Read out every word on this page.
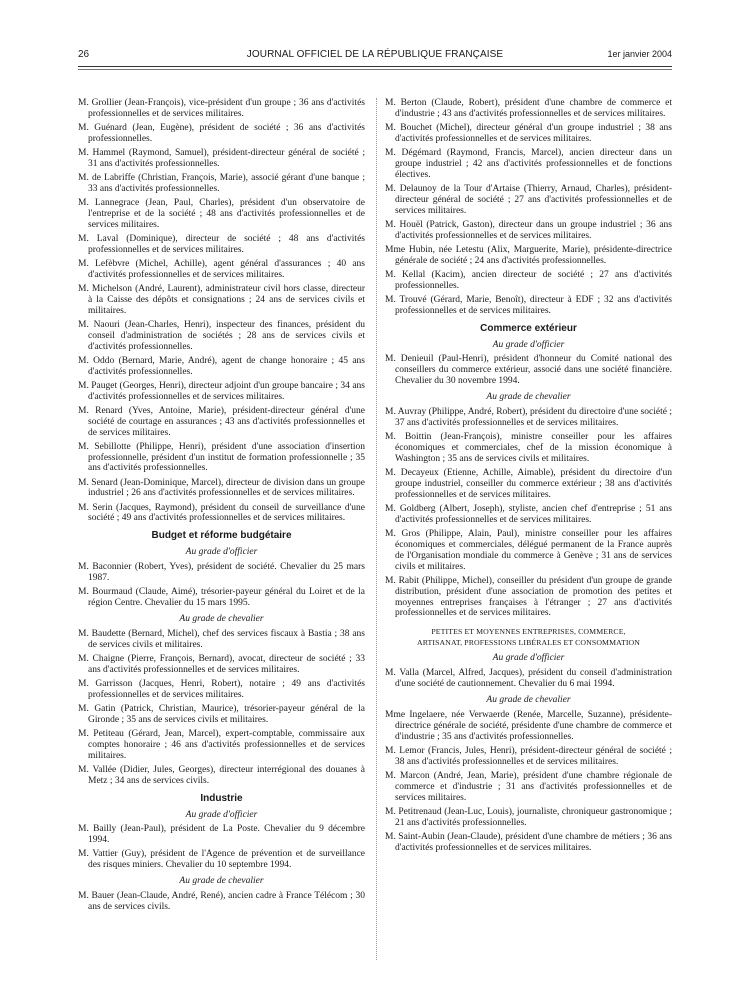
26	JOURNAL OFFICIEL DE LA RÉPUBLIQUE FRANÇAISE	1er janvier 2004

M. Grollier (Jean-François), vice-président d'un groupe ; 36 ans d'activités professionnelles et de services militaires.

M. Guénard (Jean, Eugène), président de société ; 36 ans d'activités professionnelles.

M. Hammel (Raymond, Samuel), président-directeur général de société ; 31 ans d'activités professionnelles.

M. de Labriffe (Christian, François, Marie), associé gérant d'une banque ; 33 ans d'activités professionnelles.

M. Lannegrace (Jean, Paul, Charles), président d'un observatoire de l'entreprise et de la société ; 48 ans d'activités professionnelles et de services militaires.

M. Laval (Dominique), directeur de société ; 48 ans d'activités professionnelles et de services militaires.

M. Lefèbvre (Michel, Achille), agent général d'assurances ; 40 ans d'activités professionnelles et de services militaires.

M. Michelson (André, Laurent), administrateur civil hors classe, directeur à la Caisse des dépôts et consignations ; 24 ans de services civils et militaires.

M. Naouri (Jean-Charles, Henri), inspecteur des finances, président du conseil d'administration de sociétés ; 28 ans de services civils et d'activités professionnelles.

M. Oddo (Bernard, Marie, André), agent de change honoraire ; 45 ans d'activités professionnelles.

M. Pauget (Georges, Henri), directeur adjoint d'un groupe bancaire ; 34 ans d'activités professionnelles et de services militaires.

M. Renard (Yves, Antoine, Marie), président-directeur général d'une société de courtage en assurances ; 43 ans d'activités professionnelles et de services militaires.

M. Sebillotte (Philippe, Henri), président d'une association d'insertion professionnelle, président d'un institut de formation professionnelle ; 35 ans d'activités professionnelles.

M. Senard (Jean-Dominique, Marcel), directeur de division dans un groupe industriel ; 26 ans d'activités professionnelles et de services militaires.

M. Serin (Jacques, Raymond), président du conseil de surveillance d'une société ; 49 ans d'activités professionnelles et de services militaires.

Budget et réforme budgétaire
Au grade d'officier

M. Baconnier (Robert, Yves), président de société. Chevalier du 25 mars 1987.

M. Bourmaud (Claude, Aimé), trésorier-payeur général du Loiret et de la région Centre. Chevalier du 15 mars 1995.

Au grade de chevalier

M. Baudette (Bernard, Michel), chef des services fiscaux à Bastia ; 38 ans de services civils et militaires.

M. Chaigne (Pierre, François, Bernard), avocat, directeur de société ; 33 ans d'activités professionnelles et de services militaires.

M. Garrisson (Jacques, Henri, Robert), notaire ; 49 ans d'activités professionnelles et de services militaires.

M. Gatin (Patrick, Christian, Maurice), trésorier-payeur général de la Gironde ; 35 ans de services civils et militaires.

M. Petiteau (Gérard, Jean, Marcel), expert-comptable, commissaire aux comptes honoraire ; 46 ans d'activités professionnelles et de services militaires.

M. Vallée (Didier, Jules, Georges), directeur interrégional des douanes à Metz ; 34 ans de services civils.

Industrie
Au grade d'officier

M. Bailly (Jean-Paul), président de La Poste. Chevalier du 9 décembre 1994.

M. Vattier (Guy), président de l'Agence de prévention et de surveillance des risques miniers. Chevalier du 10 septembre 1994.

Au grade de chevalier

M. Bauer (Jean-Claude, André, René), ancien cadre à France Télécom ; 30 ans de services civils.

M. Berton (Claude, Robert), président d'une chambre de commerce et d'industrie ; 43 ans d'activités professionnelles et de services militaires.

M. Bouchet (Michel), directeur général d'un groupe industriel ; 38 ans d'activités professionnelles et de services militaires.

M. Dégémard (Raymond, Francis, Marcel), ancien directeur dans un groupe industriel ; 42 ans d'activités professionnelles et de fonctions électives.

M. Delaunoy de la Tour d'Artaise (Thierry, Arnaud, Charles), président-directeur général de société ; 27 ans d'activités professionnelles et de services militaires.

M. Houël (Patrick, Gaston), directeur dans un groupe industriel ; 36 ans d'activités professionnelles et de services militaires.

Mme Hubin, née Letestu (Alix, Marguerite, Marie), présidente-directrice générale de société ; 24 ans d'activités professionnelles.

M. Kellal (Kacim), ancien directeur de société ; 27 ans d'activités professionnelles.

M. Trouvé (Gérard, Marie, Benoît), directeur à EDF ; 32 ans d'activités professionnelles et de services militaires.

Commerce extérieur
Au grade d'officier

M. Denieuil (Paul-Henri), président d'honneur du Comité national des conseillers du commerce extérieur, associé dans une société financière. Chevalier du 30 novembre 1994.

Au grade de chevalier

M. Auvray (Philippe, André, Robert), président du directoire d'une société ; 37 ans d'activités professionnelles et de services militaires.

M. Boittin (Jean-François), ministre conseiller pour les affaires économiques et commerciales, chef de la mission économique à Washington ; 35 ans de services civils et militaires.

M. Decayeux (Etienne, Achille, Aimable), président du directoire d'un groupe industriel, conseiller du commerce extérieur ; 38 ans d'activités professionnelles et de services militaires.

M. Goldberg (Albert, Joseph), styliste, ancien chef d'entreprise ; 51 ans d'activités professionnelles et de services militaires.

M. Gros (Philippe, Alain, Paul), ministre conseiller pour les affaires économiques et commerciales, délégué permanent de la France auprès de l'Organisation mondiale du commerce à Genève ; 31 ans de services civils et militaires.

M. Rabit (Philippe, Michel), conseiller du président d'un groupe de grande distribution, président d'une association de promotion des petites et moyennes entreprises françaises à l'étranger ; 27 ans d'activités professionnelles et de services militaires.

PETITES ET MOYENNES ENTREPRISES, COMMERCE,
ARTISANAT, PROFESSIONS LIBÉRALES ET CONSOMMATION
Au grade d'officier

M. Valla (Marcel, Alfred, Jacques), président du conseil d'administration d'une société de cautionnement. Chevalier du 6 mai 1994.

Au grade de chevalier

Mme Ingelaere, née Verwaerde (Renée, Marcelle, Suzanne), présidente-directrice générale de société, présidente d'une chambre de commerce et d'industrie ; 35 ans d'activités professionnelles.

M. Lemor (Francis, Jules, Henri), président-directeur général de société ; 38 ans d'activités professionnelles et de services militaires.

M. Marcon (André, Jean, Marie), président d'une chambre régionale de commerce et d'industrie ; 31 ans d'activités professionnelles et de services militaires.

M. Petitrenaud (Jean-Luc, Louis), journaliste, chroniqueur gastronomique ; 21 ans d'activités professionnelles.

M. Saint-Aubin (Jean-Claude), président d'une chambre de métiers ; 36 ans d'activités professionnelles et de services militaires.
